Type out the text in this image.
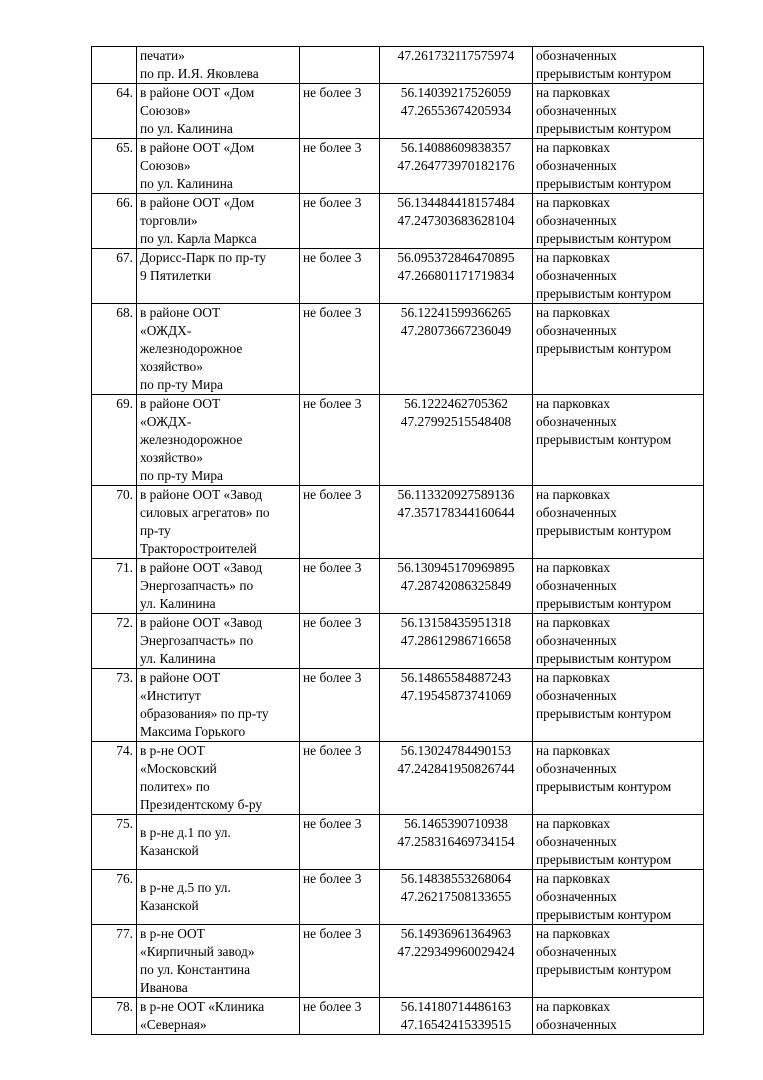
	печати»
по пр. И.Я. Яковлева		47.261732117575974	обозначенных
прерывистым контуром

64.	в районе ООТ «Дом
Союзов»
по ул. Калинина	не более 3	56.14039217526059
47.26553674205934	на парковках
обозначенных
прерывистым контуром

65.	в районе ООТ «Дом
Союзов»
по ул. Калинина	не более 3	56.14088609838357
47.264773970182176	на парковках
обозначенных
прерывистым контуром

66.	в районе ООТ «Дом
торговли»
по ул. Карла Маркса	не более 3	56.134484418157484
47.247303683628104	на парковках
обозначенных
прерывистым контуром

67.	Дорисс-Парк по пр-ту
9 Пятилетки	не более 3	56.095372846470895
47.266801171719834	на парковках
обозначенных
прерывистым контуром

68.	в районе ООТ
«ОЖДХ-
железнодорожное
хозяйство»
по пр-ту Мира	не более 3	56.12241599366265
47.28073667236049	на парковках
обозначенных
прерывистым контуром

69.	в районе ООТ
«ОЖДХ-
железнодорожное
хозяйство»
по пр-ту Мира	не более 3	56.1222462705362
47.27992515548408	на парковках
обозначенных
прерывистым контуром

70.	в районе ООТ «Завод
силовых агрегатов» по
пр-ту
Тракторостроителей	не более 3	56.113320927589136
47.357178344160644	на парковках
обозначенных
прерывистым контуром

71.	в районе ООТ «Завод
Энергозапчасть» по
ул. Калинина	не более 3	56.130945170969895
47.28742086325849	на парковках
обозначенных
прерывистым контуром

72.	в районе ООТ «Завод
Энергозапчасть» по
ул. Калинина	не более 3	56.13158435951318
47.28612986716658	на парковках
обозначенных
прерывистым контуром

73.	в районе ООТ
«Институт
образования» по пр-ту
Максима Горького	не более 3	56.14865584887243
47.19545873741069	на парковках
обозначенных
прерывистым контуром

74.	в р-не ООТ
«Московский
политех» по
Президентскому б-ру	не более 3	56.13024784490153
47.242841950826744	на парковках
обозначенных
прерывистым контуром

75.	в р-не д.1 по ул.
Казанской	не более 3	56.1465390710938
47.258316469734154	на парковках
обозначенных
прерывистым контуром

76.	в р-не д.5 по ул.
Казанской	не более 3	56.14838553268064
47.26217508133655	на парковках
обозначенных
прерывистым контуром

77.	в р-не ООТ
«Кирпичный завод»
по ул. Константина
Иванова	не более 3	56.14936961364963
47.229349960029424	на парковках
обозначенных
прерывистым контуром

78.	в р-не ООТ «Клиника
«Северная»	не более 3	56.14180714486163
47.16542415339515	на парковках
обозначенных
